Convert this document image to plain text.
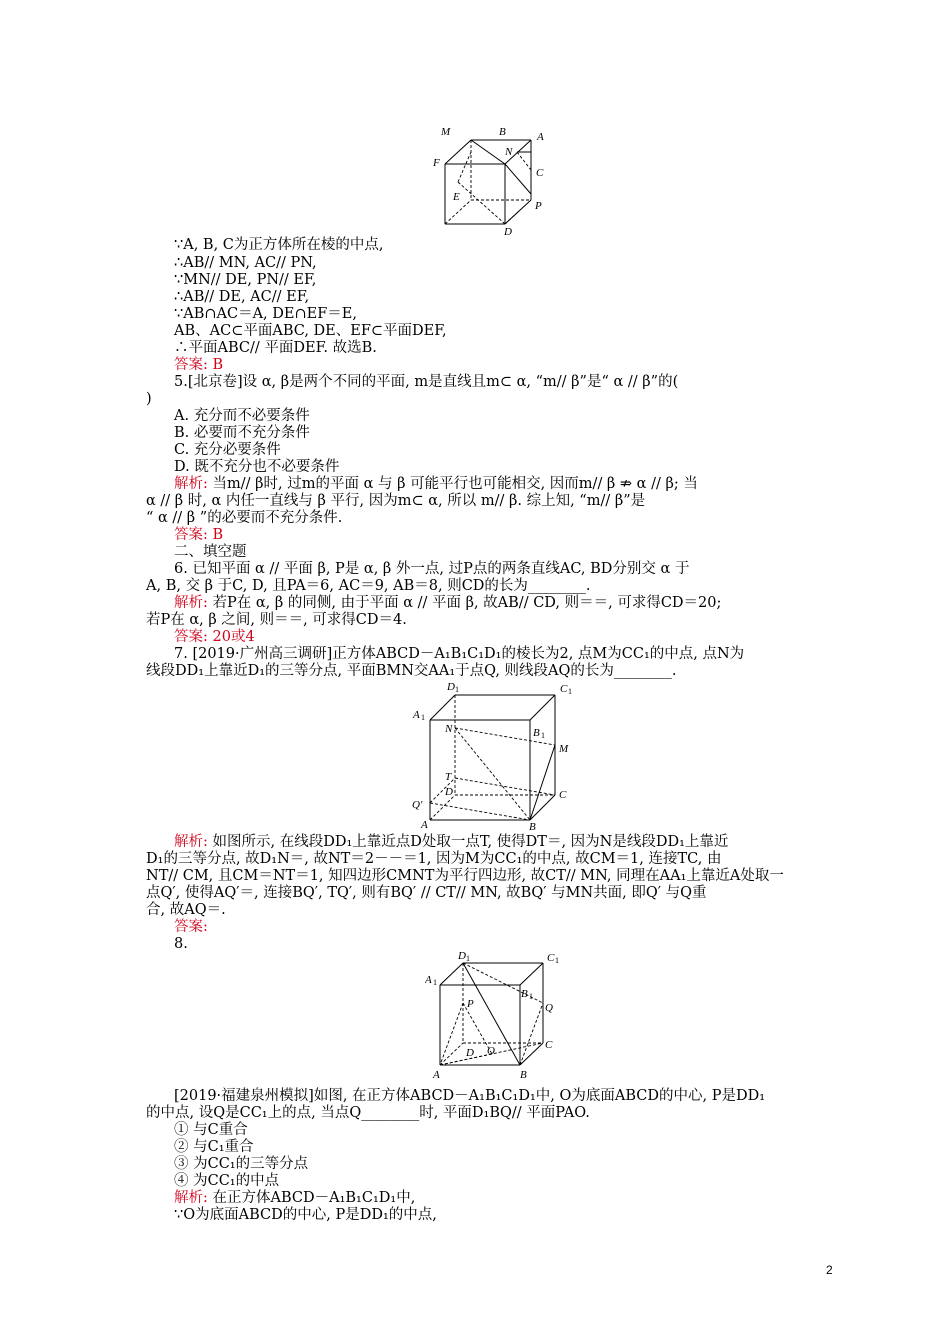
M	B	A
N
F
C
E
P
D
D 1	C 1
A 1
B 1
N
M
T
D
Q'
C
A	B
D 1	C 1
A 1
B 1
P	Q
D O	C
A	B
∵A, B, C为正方体所在棱的中点,
∴AB// MN, AC// PN,
∵MN// DE, PN// EF,
∴AB// DE, AC// EF,
∵AB∩AC＝A, DE∩EF＝E,
AB、AC⊂平面ABC, DE、EF⊂平面DEF,
∴平面ABC// 平面DEF. 故选B.
答案: B
5.[北京卷]设 α, β是两个不同的平面, m是直线且m⊂ α, “m// β”是“ α // β”的(
)
A. 充分而不必要条件
B. 必要而不充分条件
C. 充分必要条件
D. 既不充分也不必要条件
解析: 当m// β时, 过m的平面 α 与 β 可能平行也可能相交, 因而m// β ⇏ α // β; 当
α // β 时, α 内任一直线与 β 平行, 因为m⊂ α, 所以 m// β. 综上知, “m// β”是
“ α // β ”的必要而不充分条件.
答案: B
二、填空题
6. 已知平面 α // 平面 β, P是 α, β 外一点, 过P点的两条直线AC, BD分别交 α 于
A, B, 交 β 于C, D, 且PA＝6, AC＝9, AB＝8, 则CD的长为________.
解析: 若P在 α, β 的同侧, 由于平面 α // 平面 β, 故AB// CD, 则＝＝, 可求得CD＝20;
若P在 α, β 之间, 则＝＝, 可求得CD＝4.
答案: 20或4
7. [2019·广州高三调研]正方体ABCD－A₁B₁C₁D₁的棱长为2, 点M为CC₁的中点, 点N为
线段DD₁上靠近D₁的三等分点, 平面BMN交AA₁于点Q, 则线段AQ的长为________.
解析: 如图所示, 在线段DD₁上靠近点D处取一点T, 使得DT＝, 因为N是线段DD₁上靠近
D₁的三等分点, 故D₁N＝, 故NT＝2－－＝1, 因为M为CC₁的中点, 故CM＝1, 连接TC, 由
NT// CM, 且CM＝NT＝1, 知四边形CMNT为平行四边形, 故CT// MN, 同理在AA₁上靠近A处取一
点Q′, 使得AQ′＝, 连接BQ′, TQ′, 则有BQ′ // CT// MN, 故BQ′ 与MN共面, 即Q′ 与Q重
合, 故AQ＝.
答案:
8.
[2019·福建泉州模拟]如图, 在正方体ABCD－A₁B₁C₁D₁中, O为底面ABCD的中心, P是DD₁
的中点, 设Q是CC₁上的点, 当点Q________时, 平面D₁BQ// 平面PAO.
① 与C重合
② 与C₁重合
③ 为CC₁的三等分点
④ 为CC₁的中点
解析: 在正方体ABCD－A₁B₁C₁D₁中,
∵O为底面ABCD的中心, P是DD₁的中点,
2
